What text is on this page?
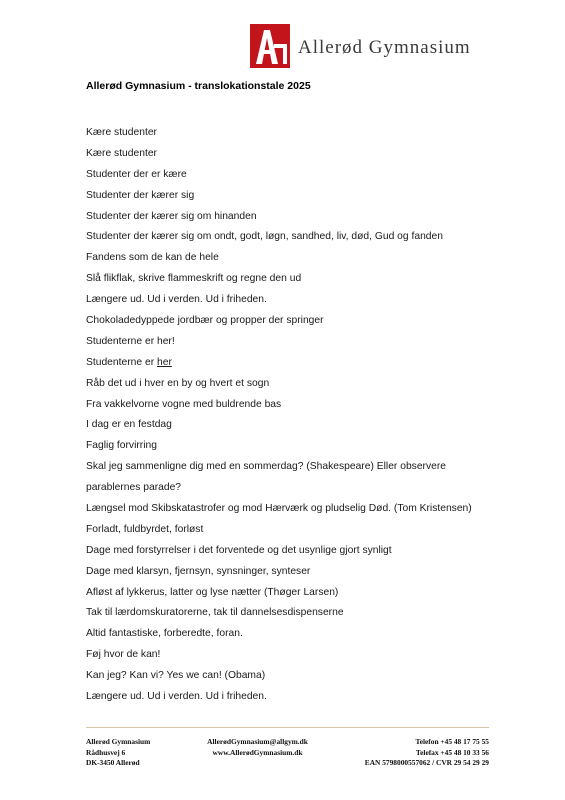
Allerød Gymnasium
Allerød Gymnasium - translokationstale 2025
Kære studenter
Kære studenter
Studenter der er kære
Studenter der kærer sig
Studenter der kærer sig om hinanden
Studenter der kærer sig om ondt, godt, løgn, sandhed, liv, død, Gud og fanden
Fandens som de kan de hele
Slå flikflak, skrive flammeskrift og regne den ud
Længere ud. Ud i verden. Ud i friheden.
Chokoladedyppede jordbær og propper der springer
Studenterne er her!
Studenterne er her
Råb det ud i hver en by og hvert et sogn
Fra vakkelvorne vogne med buldrende bas
I dag er en festdag
Faglig forvirring
Skal jeg sammenligne dig med en sommerdag? (Shakespeare) Eller observere
parablernes parade?
Længsel mod Skibskatastrofer og mod Hærværk og pludselig Død. (Tom Kristensen)
Forladt, fuldbyrdet, forløst
Dage med forstyrrelser i det forventede og det usynlige gjort synligt
Dage med klarsyn, fjernsyn, synsninger, synteser
Afløst af lykkerus, latter og lyse nætter (Thøger Larsen)
Tak til lærdomskuratorerne, tak til dannelsesdispenserne
Altid fantastiske, forberedte, foran.
Føj hvor de kan!
Kan jeg? Kan vi? Yes we can! (Obama)
Længere ud. Ud i verden. Ud i friheden.
Allerød Gymnasium
Rådhusvej 6
DK-3450 Allerød
AllerødGymnasium@allgym.dk
www.AllerødGymnasium.dk
Telefon +45 48 17 75 55
Telefax +45 48 10 33 56
EAN 5798000557062 / CVR 29 54 29 29
